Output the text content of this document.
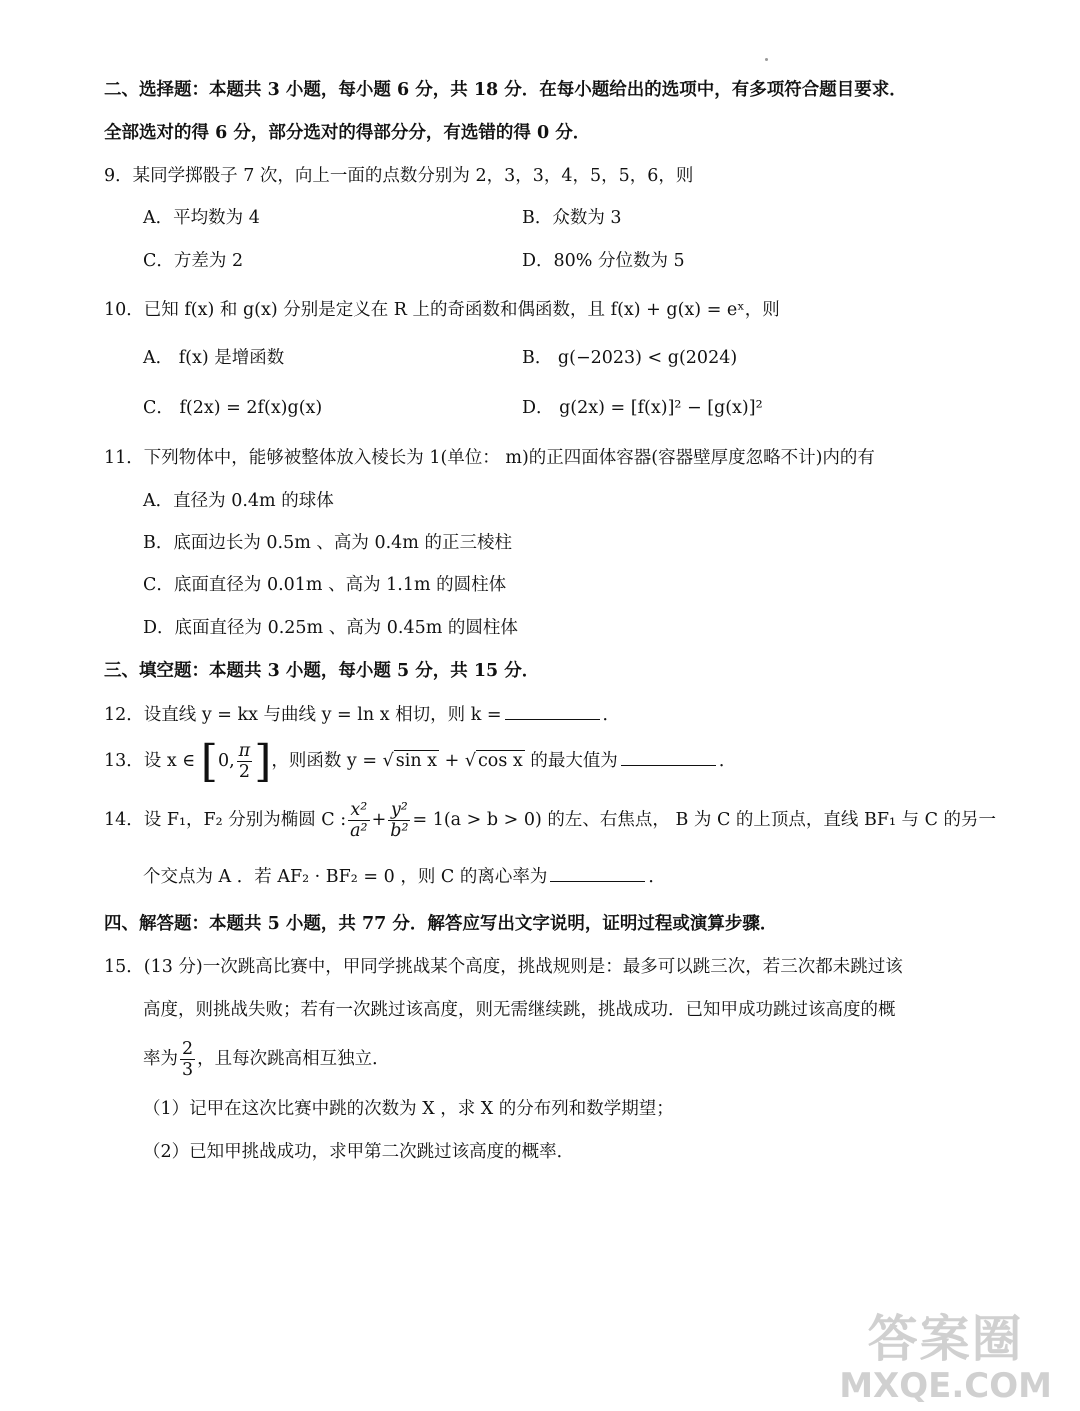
二、选择题：本题共 3 小题，每小题 6 分，共 18 分．在每小题给出的选项中，有多项符合题目要求．
全部选对的得 6 分，部分选对的得部分分，有选错的得 0 分．
9．某同学掷骰子 7 次，向上一面的点数分别为 2，3，3，4，5，5，6，则
A．平均数为 4	B．众数为 3
C．方差为 2	D．80% 分位数为 5
10．已知 f(x) 和 g(x) 分别是定义在 R 上的奇函数和偶函数，且 f(x) + g(x) = eˣ，则
A． f(x) 是增函数	B． g(−2023) < g(2024)
C． f(2x) = 2f(x)g(x)	D． g(2x) = [f(x)]² − [g(x)]²
11．下列物体中，能够被整体放入棱长为 1(单位： m)的正四面体容器(容器壁厚度忽略不计)内的有
A．直径为 0.4m 的球体
B．底面边长为 0.5m 、高为 0.4m 的正三棱柱
C．底面直径为 0.01m 、高为 1.1m 的圆柱体
D．底面直径为 0.25m 、高为 0.45m 的圆柱体
三、填空题：本题共 3 小题，每小题 5 分，共 15 分．
12．设直线 y = kx 与曲线 y = ln x 相切，则 k =	．
13．设 x ∈ [0, $\frac{\pi}{2}$ ]，则函数 y = √ sin x + √ cos x 的最大值为	．
14．设 F₁，F₂ 分别为椭圆 C : $\frac{\text{x²}}{\text{a²}} + \frac{\text{y²}}{\text{b²}} = 1(a > b > 0)$ 的左、右焦点， B 为 C 的上顶点，直线 BF₁ 与 C 的另一
个交点为 A ．若 AF₂ · BF₂ = 0 ，则 C 的离心率为	．
四、解答题：本题共 5 小题，共 77 分．解答应写出文字说明，证明过程或演算步骤．
15．(13 分)一次跳高比赛中，甲同学挑战某个高度，挑战规则是：最多可以跳三次，若三次都未跳过该
高度，则挑战失败；若有一次跳过该高度，则无需继续跳，挑战成功．已知甲成功跳过该高度的概
率为 $\frac{2}{3}$ ，且每次跳高相互独立．
（1）记甲在这次比赛中跳的次数为 X ，求 X 的分布列和数学期望；
（2）已知甲挑战成功，求甲第二次跳过该高度的概率．
答案圈
MXQE.COM
